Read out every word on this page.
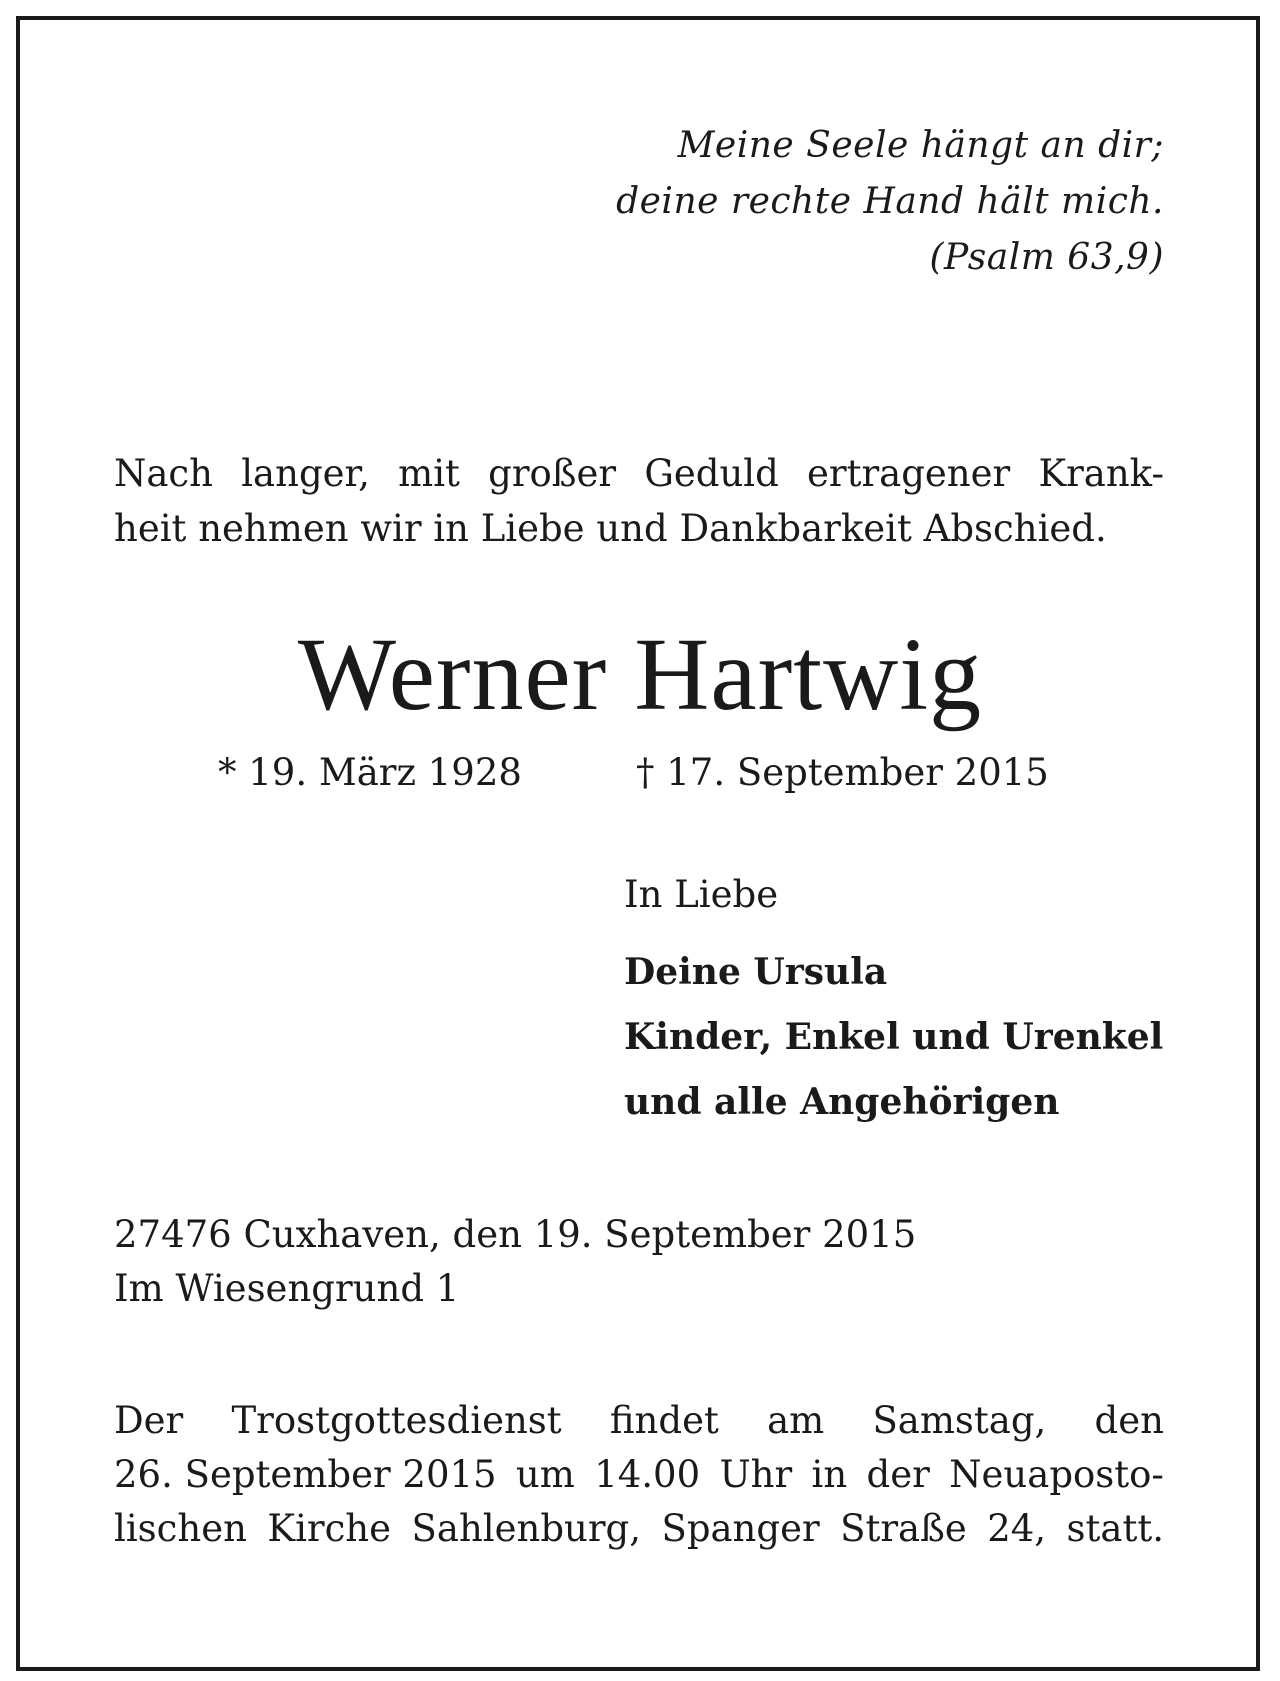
Meine Seele hängt an dir;
deine rechte Hand hält mich.
(Psalm 63,9)
Nach langer, mit großer Geduld ertragener Krank-
heit nehmen wir in Liebe und Dankbarkeit Abschied.
Werner Hartwig
* 19. März 1928	† 17. September 2015
In Liebe
Deine Ursula
Kinder, Enkel und Urenkel
und alle Angehörigen
27476 Cuxhaven, den 19. September 2015
Im Wiesengrund 1
Der Trostgottesdienst findet am Samstag, den
26. September 2015 um 14.00 Uhr in der Neuaposto-
lischen Kirche Sahlenburg, Spanger Straße 24, statt.
